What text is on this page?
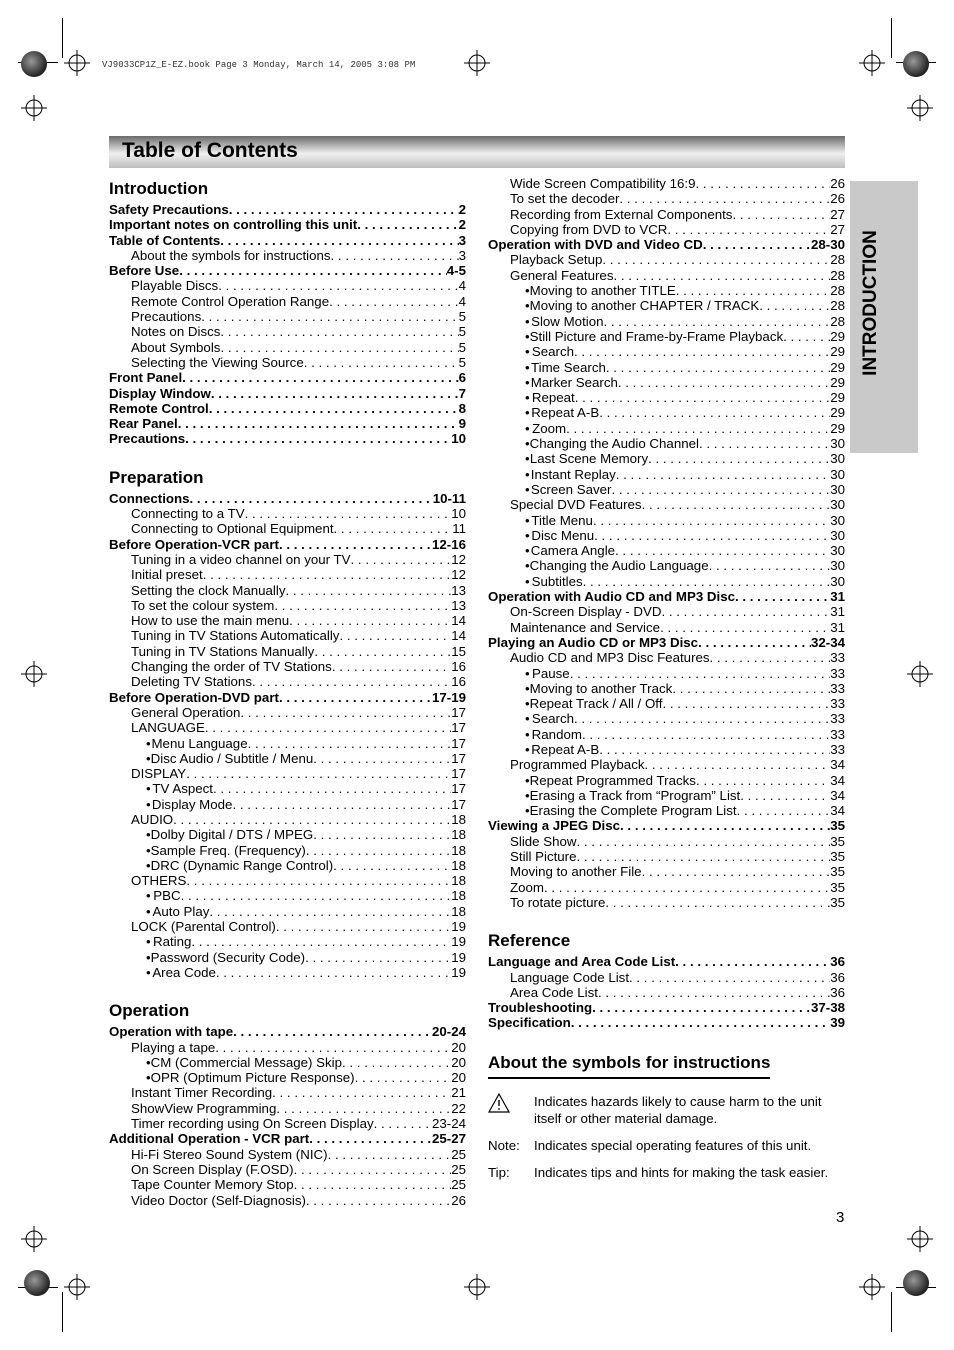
VJ9033CP1Z_E-EZ.book Page 3 Monday, March 14, 2005 3:08 PM
Table of Contents
INTRODUCTION
Introduction
Safety Precautions . . .	2
Important notes on controlling this unit . . .	2
Table of Contents . . .	3
About the symbols for instructions . . .	3
Before Use . . .	4-5
Playable Discs . . .	4
Remote Control Operation Range . . .	4
Precautions . . .	5
Notes on Discs . . .	5
About Symbols . . .	5
Selecting the Viewing Source . . .	5
Front Panel . . .	6
Display Window . . .	7
Remote Control . . .	8
Rear Panel . . .	9
Precautions . . .	10
Preparation
Connections . . .	10-11
Connecting to a TV . . .	10
Connecting to Optional Equipment . . .	11
Before Operation-VCR part . . .	12-16
Tuning in a video channel on your TV . . .	12
Initial preset . . .	12
Setting the clock Manually . . .	13
To set the colour system . . .	13
How to use the main menu . . .	14
Tuning in TV Stations Automatically . . .	14
Tuning in TV Stations Manually . . .	15
Changing the order of TV Stations . . .	16
Deleting TV Stations . . .	16
Before Operation-DVD part . . .	17-19
General Operation . . .	17
LANGUAGE . . .	17
• Menu Language . . .	17
• Disc Audio / Subtitle / Menu . . .	17
DISPLAY . . .	17
• TV Aspect . . .	17
• Display Mode . . .	17
AUDIO . . .	18
• Dolby Digital / DTS / MPEG . . .	18
• Sample Freq. (Frequency) . . .	18
• DRC (Dynamic Range Control) . . .	18
OTHERS . . .	18
• PBC . . .	18
• Auto Play . . .	18
LOCK (Parental Control) . . .	19
• Rating . . .	19
• Password (Security Code) . . .	19
• Area Code . . .	19
Operation
Operation with tape . . .	20-24
Playing a tape . . .	20
• CM (Commercial Message) Skip . . .	20
• OPR (Optimum Picture Response) . . .	20
Instant Timer Recording . . .	21
ShowView Programming . . .	22
Timer recording using On Screen Display . . .	23-24
Additional Operation - VCR part . . .	25-27
Hi-Fi Stereo Sound System (NIC) . . .	25
On Screen Display (F.OSD) . . .	25
Tape Counter Memory Stop . . .	25
Video Doctor (Self-Diagnosis) . . .	26
Wide Screen Compatibility 16:9 . . .	26
To set the decoder . . .	26
Recording from External Components . . .	27
Copying from DVD to VCR . . .	27
Operation with DVD and Video CD . . .	28-30
Playback Setup . . .	28
General Features . . .	28
• Moving to another TITLE . . .	28
• Moving to another CHAPTER / TRACK . . .	28
• Slow Motion . . .	28
• Still Picture and Frame-by-Frame Playback . . .	29
• Search . . .	29
• Time Search . . .	29
• Marker Search . . .	29
• Repeat . . .	29
• Repeat A-B . . .	29
• Zoom . . .	29
• Changing the Audio Channel . . .	30
• Last Scene Memory . . .	30
• Instant Replay . . .	30
• Screen Saver . . .	30
Special DVD Features . . .	30
• Title Menu . . .	30
• Disc Menu . . .	30
• Camera Angle . . .	30
• Changing the Audio Language . . .	30
• Subtitles . . .	30
Operation with Audio CD and MP3 Disc . . .	31
On-Screen Display - DVD . . .	31
Maintenance and Service . . .	31
Playing an Audio CD or MP3 Disc . . .	32-34
Audio CD and MP3 Disc Features . . .	33
• Pause . . .	33
• Moving to another Track . . .	33
• Repeat Track / All / Off . . .	33
• Search . . .	33
• Random . . .	33
• Repeat A-B . . .	33
Programmed Playback . . .	34
• Repeat Programmed Tracks . . .	34
• Erasing a Track from “Program” List . . .	34
• Erasing the Complete Program List . . .	34
Viewing a JPEG Disc . . .	35
Slide Show . . .	35
Still Picture . . .	35
Moving to another File . . .	35
Zoom . . .	35
To rotate picture . . .	35
Reference
Language and Area Code List . . .	36
Language Code List . . .	36
Area Code List . . .	36
Troubleshooting . . .	37-38
Specification . . .	39
About the symbols for instructions
Indicates hazards likely to cause harm to the unit itself or other material damage.
Note:	Indicates special operating features of this unit.
Tip:	Indicates tips and hints for making the task easier.
3
